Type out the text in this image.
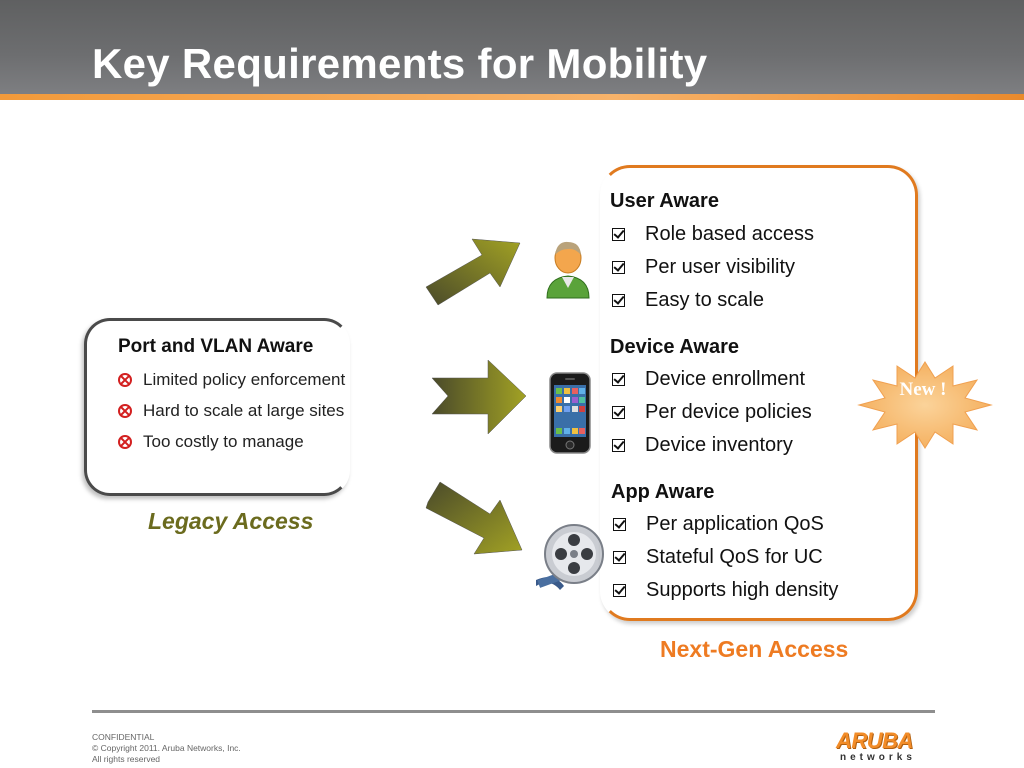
Key Requirements for Mobility
Port and VLAN Aware
Limited policy enforcement
Hard to scale at large sites
Too costly to manage
Legacy Access
User Aware
Role based access
Per user visibility
Easy to scale
Device Aware
Device enrollment
Per device policies
Device inventory
App Aware
Per application QoS
Stateful QoS for UC
Supports high density
New !
Next-Gen Access
CONFIDENTIAL
© Copyright 2011. Aruba Networks, Inc.
All rights reserved
ARUBA
networks
